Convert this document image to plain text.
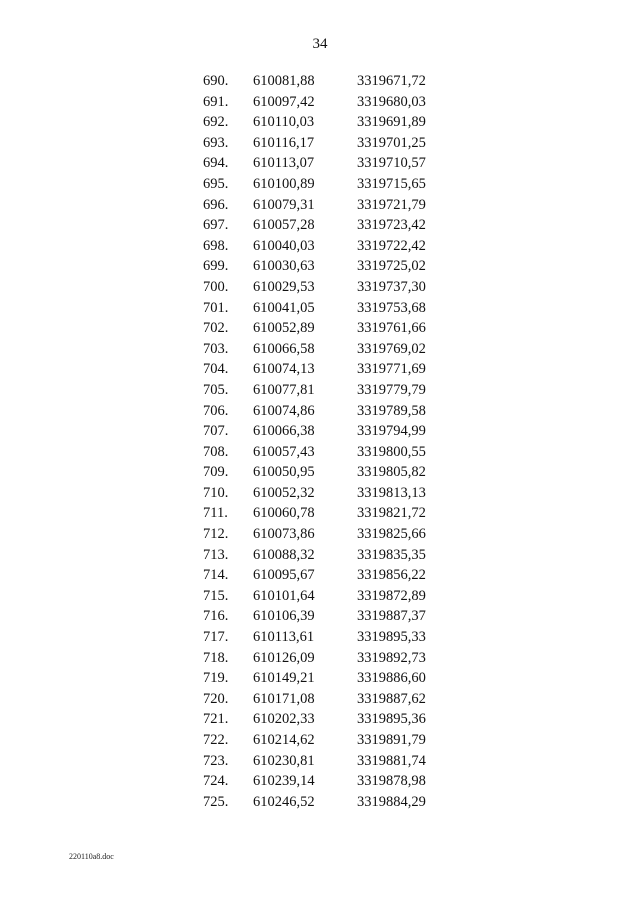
34
690. 610081,88	3319671,72
691. 610097,42	3319680,03
692. 610110,03	3319691,89
693. 610116,17	3319701,25
694. 610113,07	3319710,57
695. 610100,89	3319715,65
696. 610079,31	3319721,79
697. 610057,28	3319723,42
698. 610040,03	3319722,42
699. 610030,63	3319725,02
700. 610029,53	3319737,30
701. 610041,05	3319753,68
702. 610052,89	3319761,66
703. 610066,58	3319769,02
704. 610074,13	3319771,69
705. 610077,81	3319779,79
706. 610074,86	3319789,58
707. 610066,38	3319794,99
708. 610057,43	3319800,55
709. 610050,95	3319805,82
710. 610052,32	3319813,13
711. 610060,78	3319821,72
712. 610073,86	3319825,66
713. 610088,32	3319835,35
714. 610095,67	3319856,22
715. 610101,64	3319872,89
716. 610106,39	3319887,37
717. 610113,61	3319895,33
718. 610126,09	3319892,73
719. 610149,21	3319886,60
720. 610171,08	3319887,62
721. 610202,33	3319895,36
722. 610214,62	3319891,79
723. 610230,81	3319881,74
724. 610239,14	3319878,98
725. 610246,52	3319884,29
220110a8.doc
